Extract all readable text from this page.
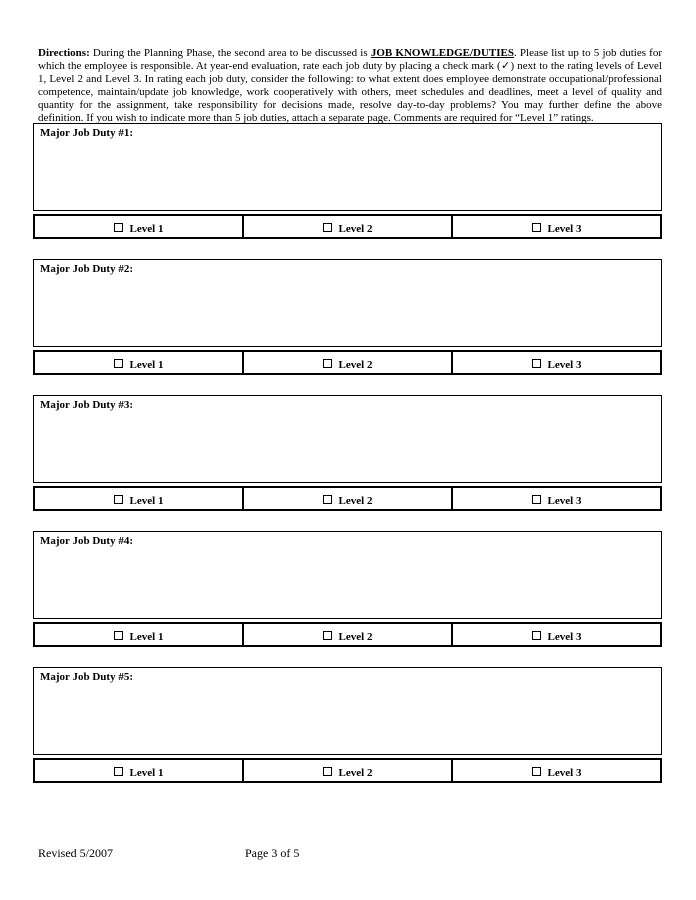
Directions: During the Planning Phase, the second area to be discussed is JOB KNOWLEDGE/DUTIES. Please list up to 5 job duties for which the employee is responsible. At year-end evaluation, rate each job duty by placing a check mark (✓) next to the rating levels of Level 1, Level 2 and Level 3. In rating each job duty, consider the following: to what extent does employee demonstrate occupational/professional competence, maintain/update job knowledge, work cooperatively with others, meet schedules and deadlines, meet a level of quality and quantity for the assignment, take responsibility for decisions made, resolve day-to-day problems? You may further define the above definition. If you wish to indicate more than 5 job duties, attach a separate page. Comments are required for “Level 1” ratings.

Major Job Duty #1:
Level 1	Level 2	Level 3
Major Job Duty #2:
Level 1	Level 2	Level 3
Major Job Duty #3:
Level 1	Level 2	Level 3
Major Job Duty #4:
Level 1	Level 2	Level 3
Major Job Duty #5:
Level 1	Level 2	Level 3
Revised 5/2007	Page 3 of 5
